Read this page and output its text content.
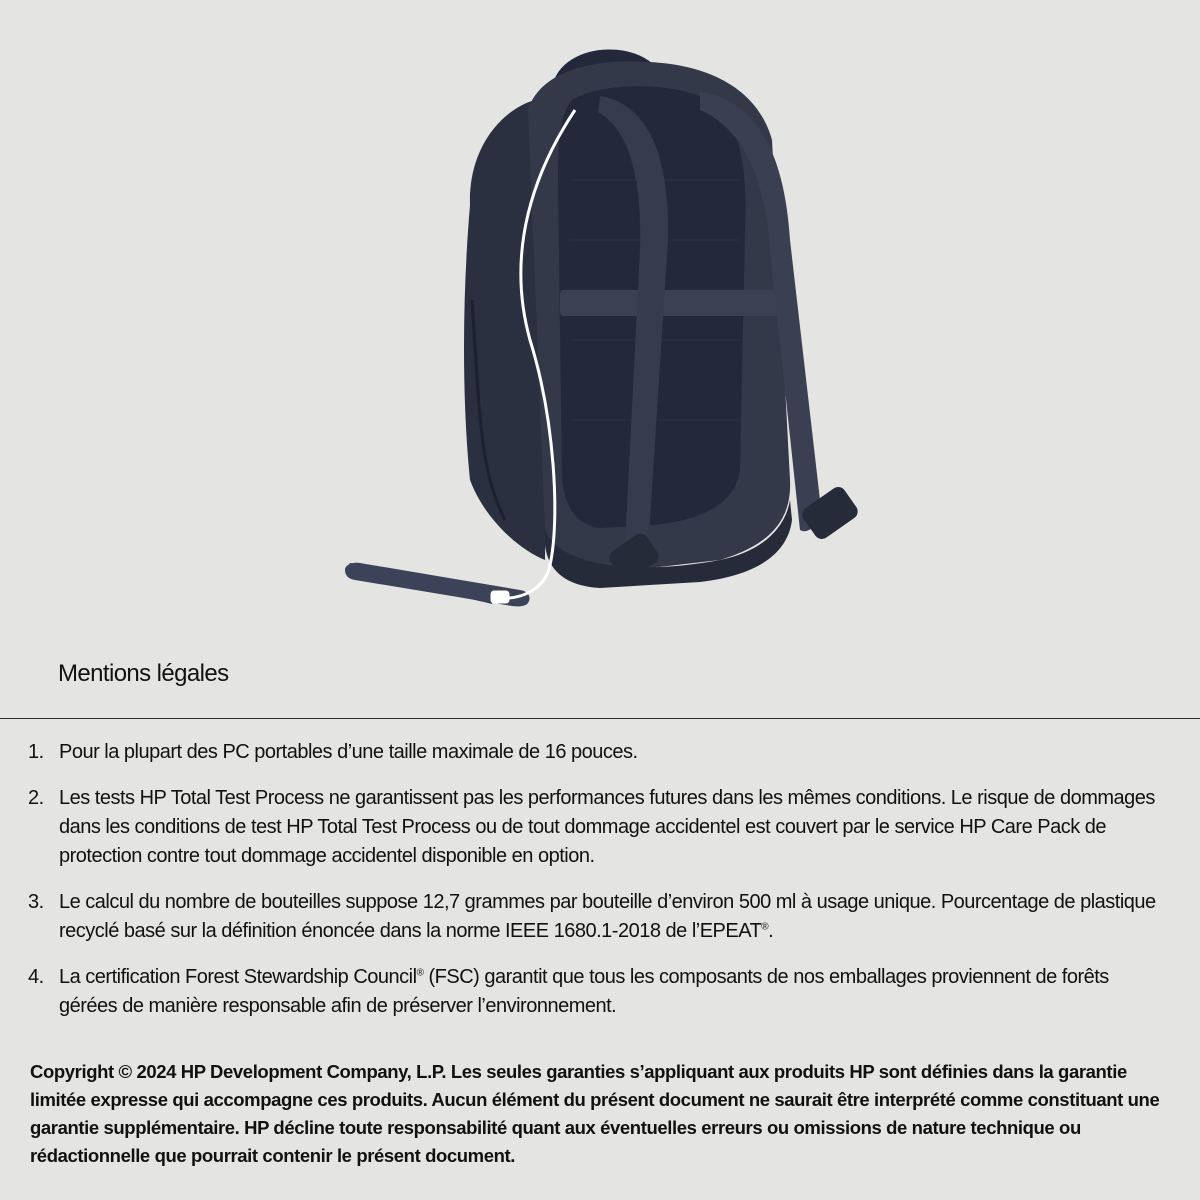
Mentions légales
1. Pour la plupart des PC portables d’une taille maximale de 16 pouces.
2. Les tests HP Total Test Process ne garantissent pas les performances futures dans les mêmes conditions. Le risque de dommages dans les conditions de test HP Total Test Process ou de tout dommage accidentel est couvert par le service HP Care Pack de protection contre tout dommage accidentel disponible en option.
3. Le calcul du nombre de bouteilles suppose 12,7 grammes par bouteille d’environ 500 ml à usage unique. Pourcentage de plastique recyclé basé sur la définition énoncée dans la norme IEEE 1680.1-2018 de l’EPEAT®.
4. La certification Forest Stewardship Council® (FSC) garantit que tous les composants de nos emballages proviennent de forêts gérées de manière responsable afin de préserver l’environnement.

Copyright © 2024 HP Development Company, L.P. Les seules garanties s’appliquant aux produits HP sont définies dans la garantie limitée expresse qui accompagne ces produits. Aucun élément du présent document ne saurait être interprété comme constituant une garantie supplémentaire. HP décline toute responsabilité quant aux éventuelles erreurs ou omissions de nature technique ou rédactionnelle que pourrait contenir le présent document.
